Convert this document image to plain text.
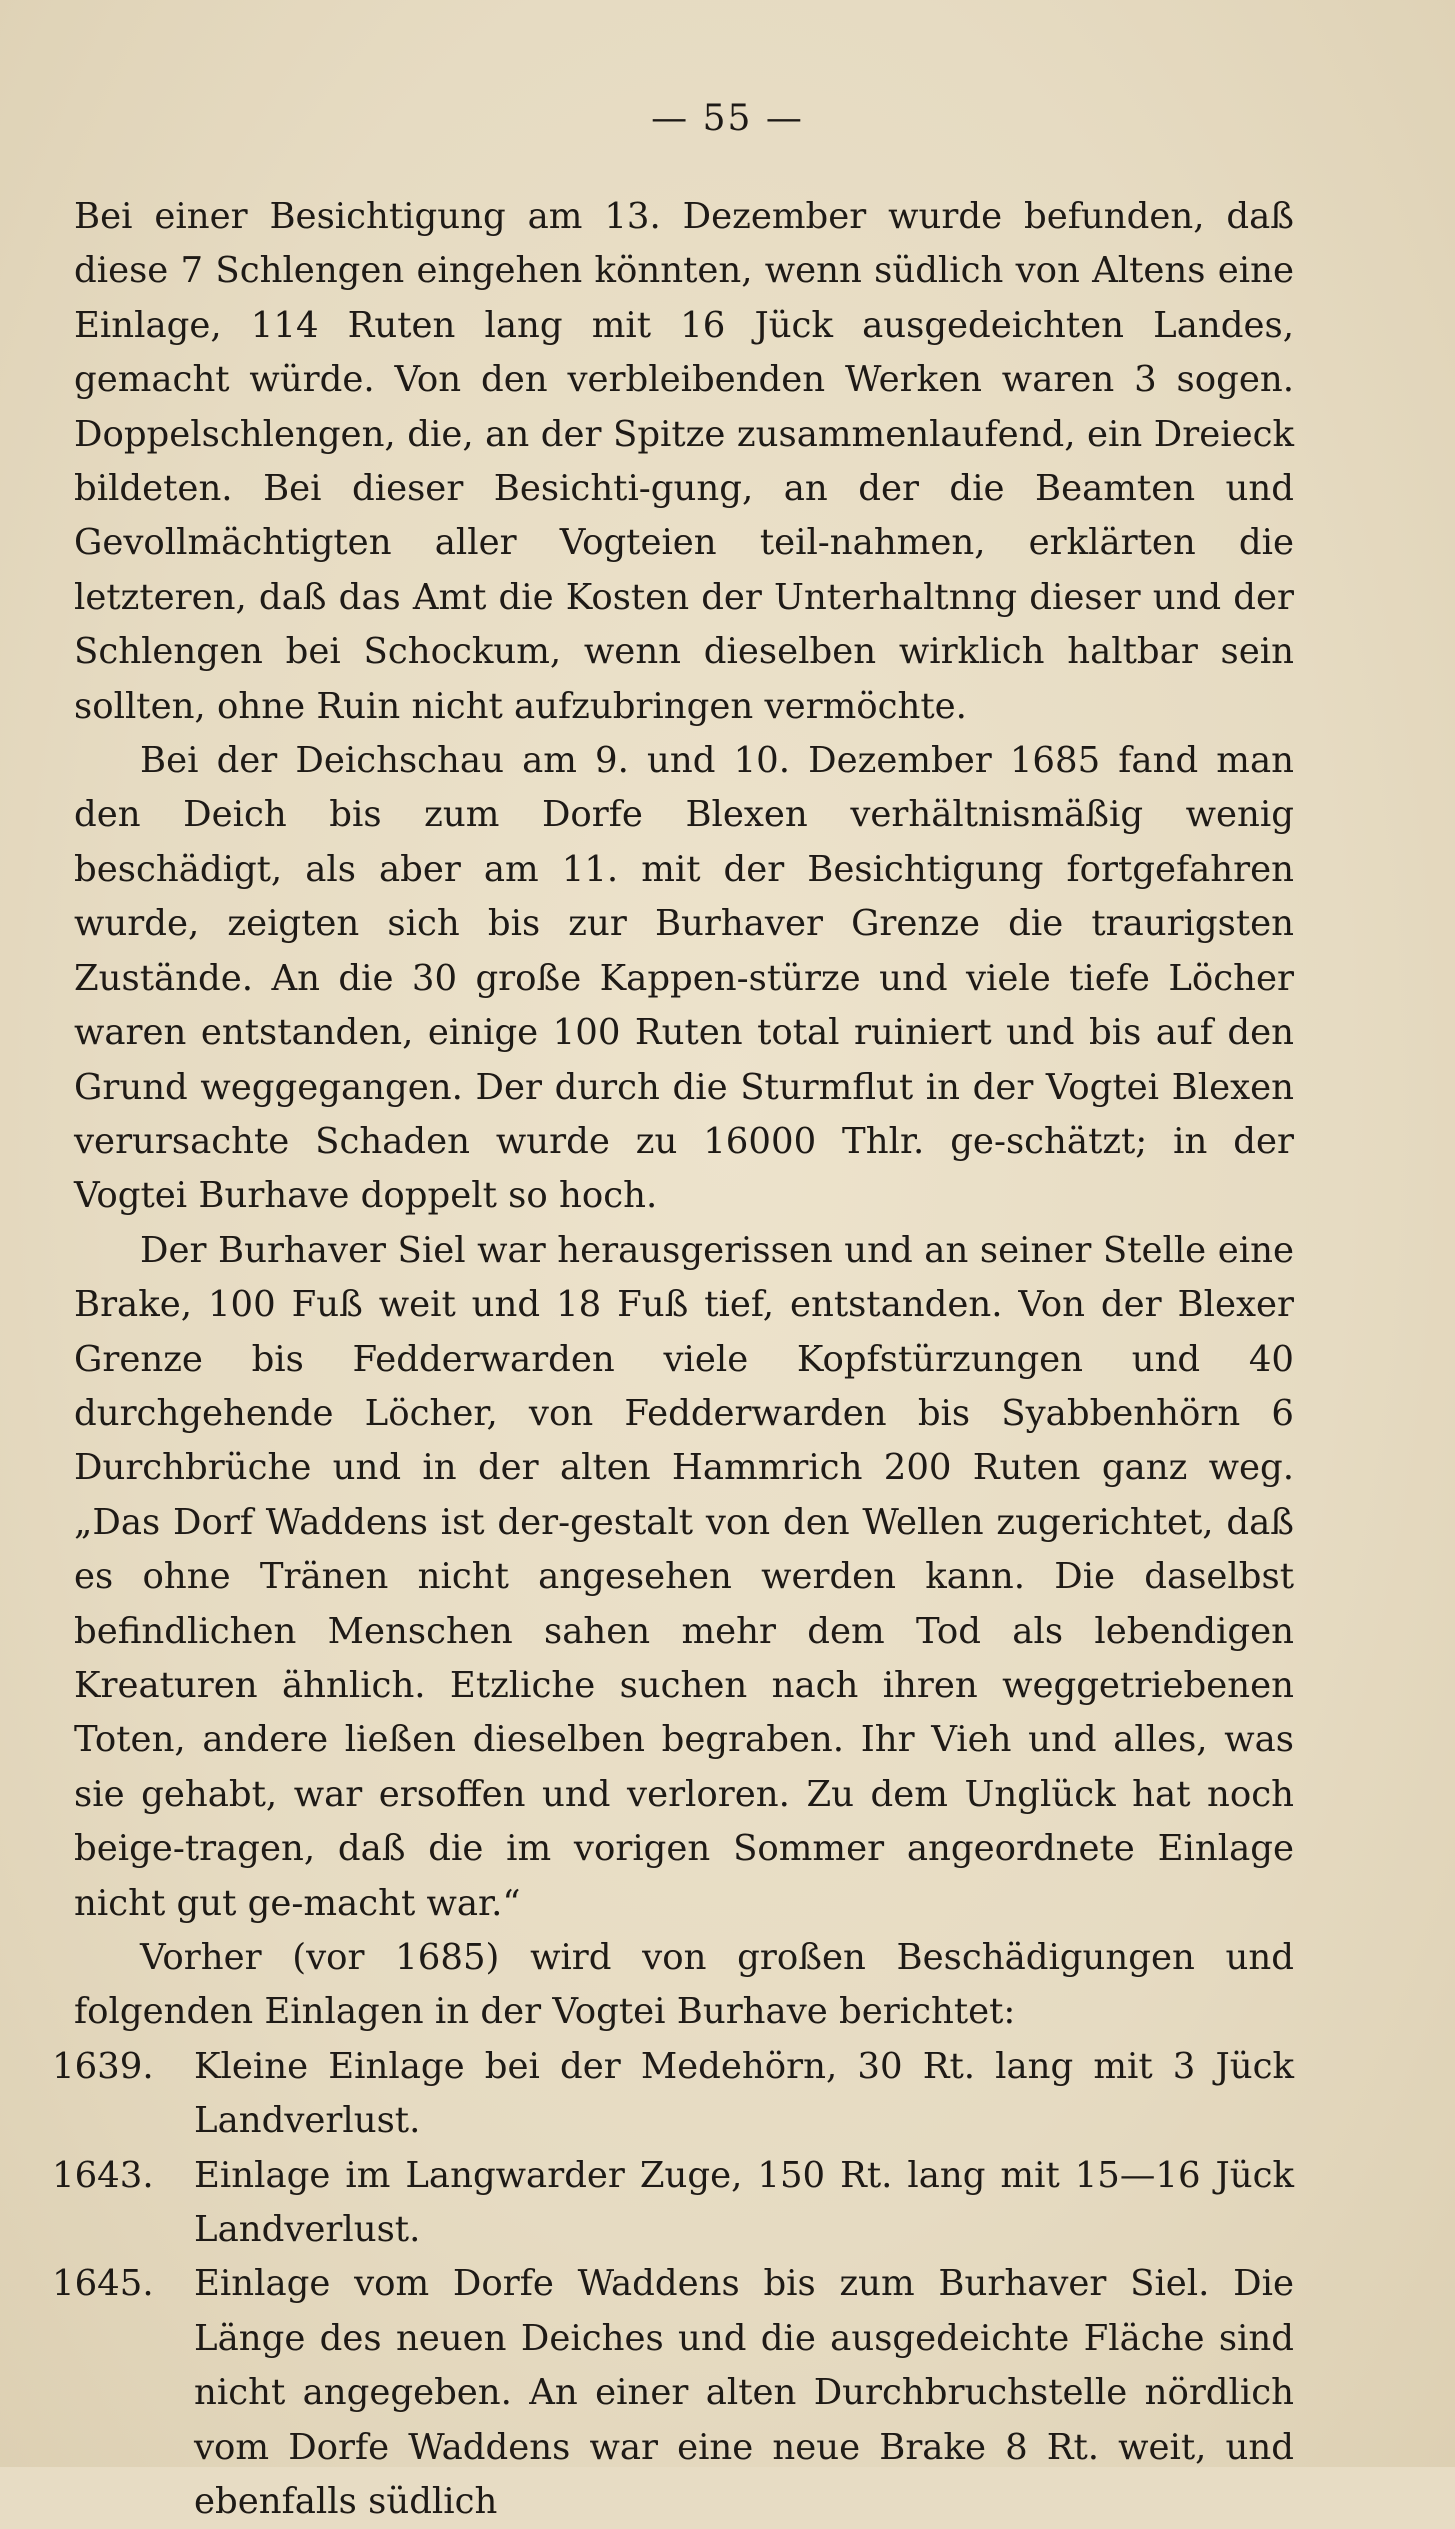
— 55 —

Bei einer Besichtigung am 13. Dezember wurde befunden, daß diese 7 Schlengen eingehen könnten, wenn südlich von Altens eine Einlage, 114 Ruten lang mit 16 Jück ausgedeichten Landes, gemacht würde. Von den verbleibenden Werken waren 3 sogen. Doppelschlengen, die, an der Spitze zusammenlaufend, ein Dreieck bildeten. Bei dieser Besichti-gung, an der die Beamten und Gevollmächtigten aller Vogteien teil-nahmen, erklärten die letzteren, daß das Amt die Kosten der Unterhaltnng dieser und der Schlengen bei Schockum, wenn dieselben wirklich haltbar sein sollten, ohne Ruin nicht aufzubringen vermöchte.

Bei der Deichschau am 9. und 10. Dezember 1685 fand man den Deich bis zum Dorfe Blexen verhältnismäßig wenig beschädigt, als aber am 11. mit der Besichtigung fortgefahren wurde, zeigten sich bis zur Burhaver Grenze die traurigsten Zustände. An die 30 große Kappen-stürze und viele tiefe Löcher waren entstanden, einige 100 Ruten total ruiniert und bis auf den Grund weggegangen. Der durch die Sturmflut in der Vogtei Blexen verursachte Schaden wurde zu 16000 Thlr. ge-schätzt; in der Vogtei Burhave doppelt so hoch.

Der Burhaver Siel war herausgerissen und an seiner Stelle eine Brake, 100 Fuß weit und 18 Fuß tief, entstanden. Von der Blexer Grenze bis Fedderwarden viele Kopfstürzungen und 40 durchgehende Löcher, von Fedderwarden bis Syabbenhörn 6 Durchbrüche und in der alten Hammrich 200 Ruten ganz weg. „Das Dorf Waddens ist der-gestalt von den Wellen zugerichtet, daß es ohne Tränen nicht angesehen werden kann. Die daselbst befindlichen Menschen sahen mehr dem Tod als lebendigen Kreaturen ähnlich. Etzliche suchen nach ihren weggetriebenen Toten, andere ließen dieselben begraben. Ihr Vieh und alles, was sie gehabt, war ersoffen und verloren. Zu dem Unglück hat noch beige-tragen, daß die im vorigen Sommer angeordnete Einlage nicht gut ge-macht war.“

Vorher (vor 1685) wird von großen Beschädigungen und folgenden Einlagen in der Vogtei Burhave berichtet:

1639.	Kleine Einlage bei der Medehörn, 30 Rt. lang mit 3 Jück Landverlust.
1643.	Einlage im Langwarder Zuge, 150 Rt. lang mit 15—16 Jück Landverlust.
1645.	Einlage vom Dorfe Waddens bis zum Burhaver Siel. Die Länge des neuen Deiches und die ausgedeichte Fläche sind nicht angegeben. An einer alten Durchbruchstelle nördlich vom Dorfe Waddens war eine neue Brake 8 Rt. weit, und ebenfalls südlich
